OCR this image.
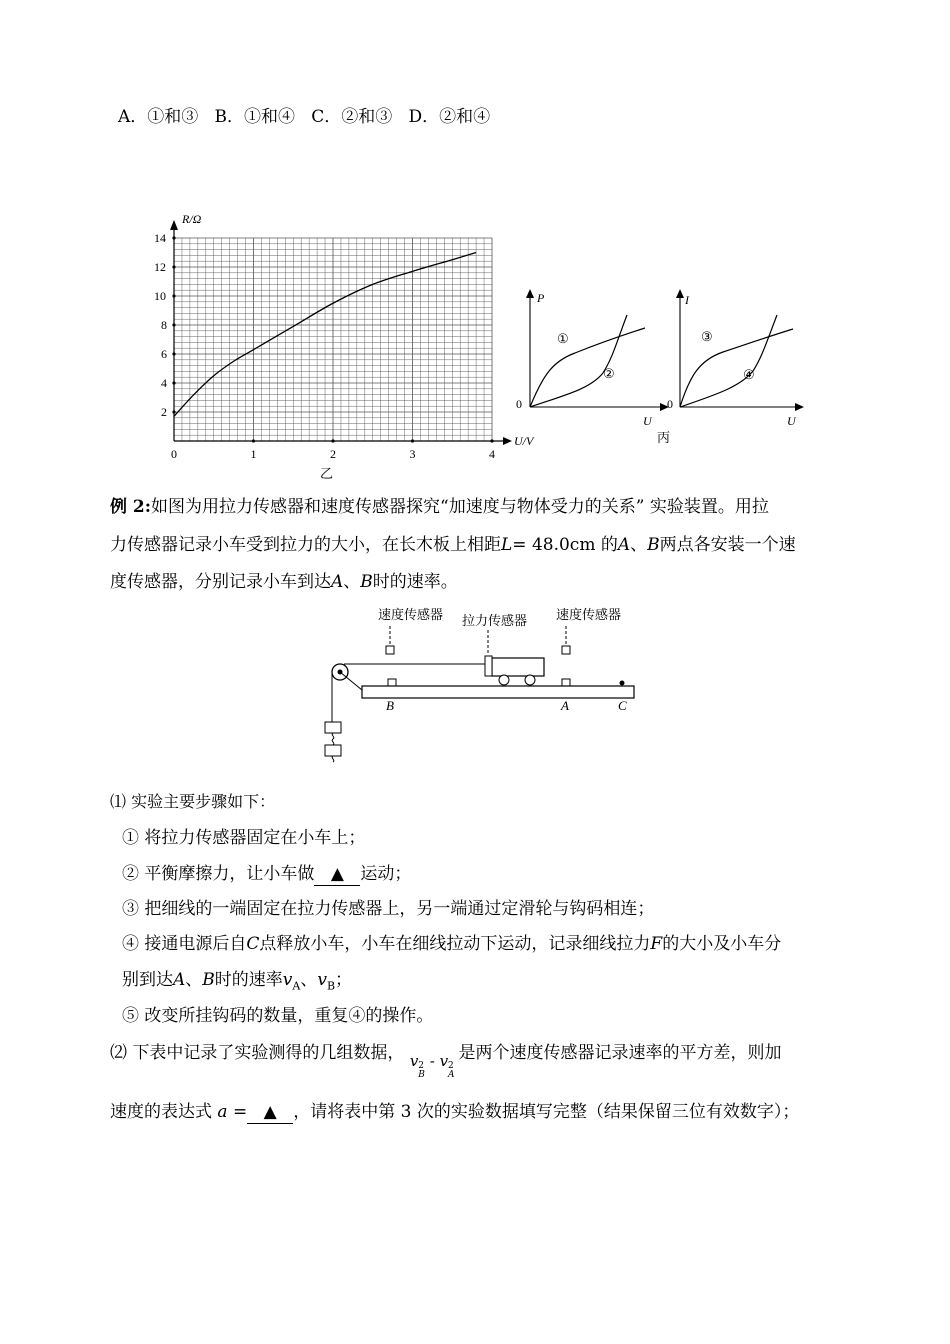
A．①和③ B．①和④ C．②和③ D．②和④
0	1	2	3	4
2
4
6
8
10
12
14
R/Ω
U/V
乙
P
0
U
①
②
I
0
U
③
④
丙
例 2:如图为用拉力传感器和速度传感器探究“加速度与物体受力的关系” 实验装置。用拉
力传感器记录小车受到拉力的大小，在长木板上相距L= 48.0cm 的A、B两点各安装一个速
度传感器，分别记录小车到达A、B时的速率。
速度传感器 拉力传感器 速度传感器
B	A	C
⑴ 实验主要步骤如下：
① 将拉力传感器固定在小车上；
② 平衡摩擦力，让小车做 ▲ 运动；
③ 把细线的一端固定在拉力传感器上，另一端通过定滑轮与钩码相连；
④ 接通电源后自C点释放小车，小车在细线拉动下运动，记录细线拉力F的大小及小车分
别到达A、B时的速率$v_A$、$v_B$；
⑤ 改变所挂钩码的数量，重复④的操作。
⑵ 下表中记录了实验测得的几组数据， v 2
B
- v 2
A
是两个速度传感器记录速率的平方差，则加
速度的表达式 a = ▲ ，请将表中第 3 次的实验数据填写完整（结果保留三位有效数字）；
